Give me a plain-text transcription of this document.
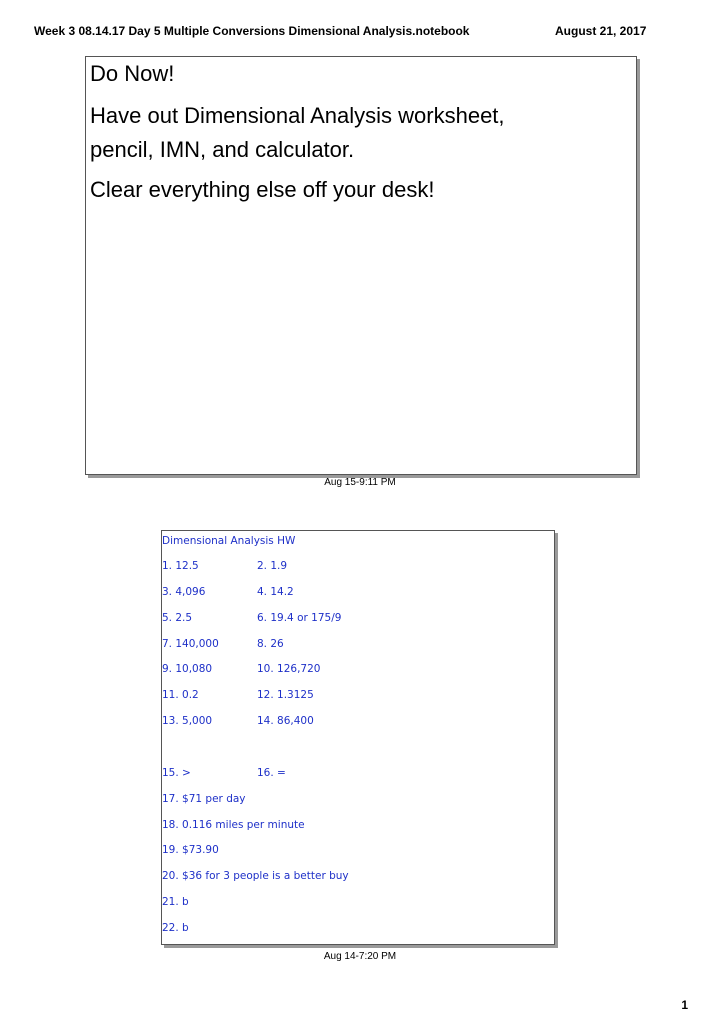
Week 3 08.14.17 Day 5 Multiple Conversions Dimensional Analysis.notebook	August 21, 2017
Do Now!
Have out Dimensional Analysis worksheet,
pencil, IMN, and calculator.
Clear everything else off your desk!
Aug 15-9:11 PM
Dimensional Analysis HW
1. 12.5	2. 1.9
3. 4,096	4. 14.2
5. 2.5	6. 19.4 or 175/9
7. 140,000	8. 26
9. 10,080	10. 126,720
11. 0.2	12. 1.3125
13. 5,000	14. 86,400
15. >	16. =
17. $71 per day
18. 0.116 miles per minute
19. $73.90
20. $36 for 3 people is a better buy
21. b
22. b
Aug 14-7:20 PM
1
